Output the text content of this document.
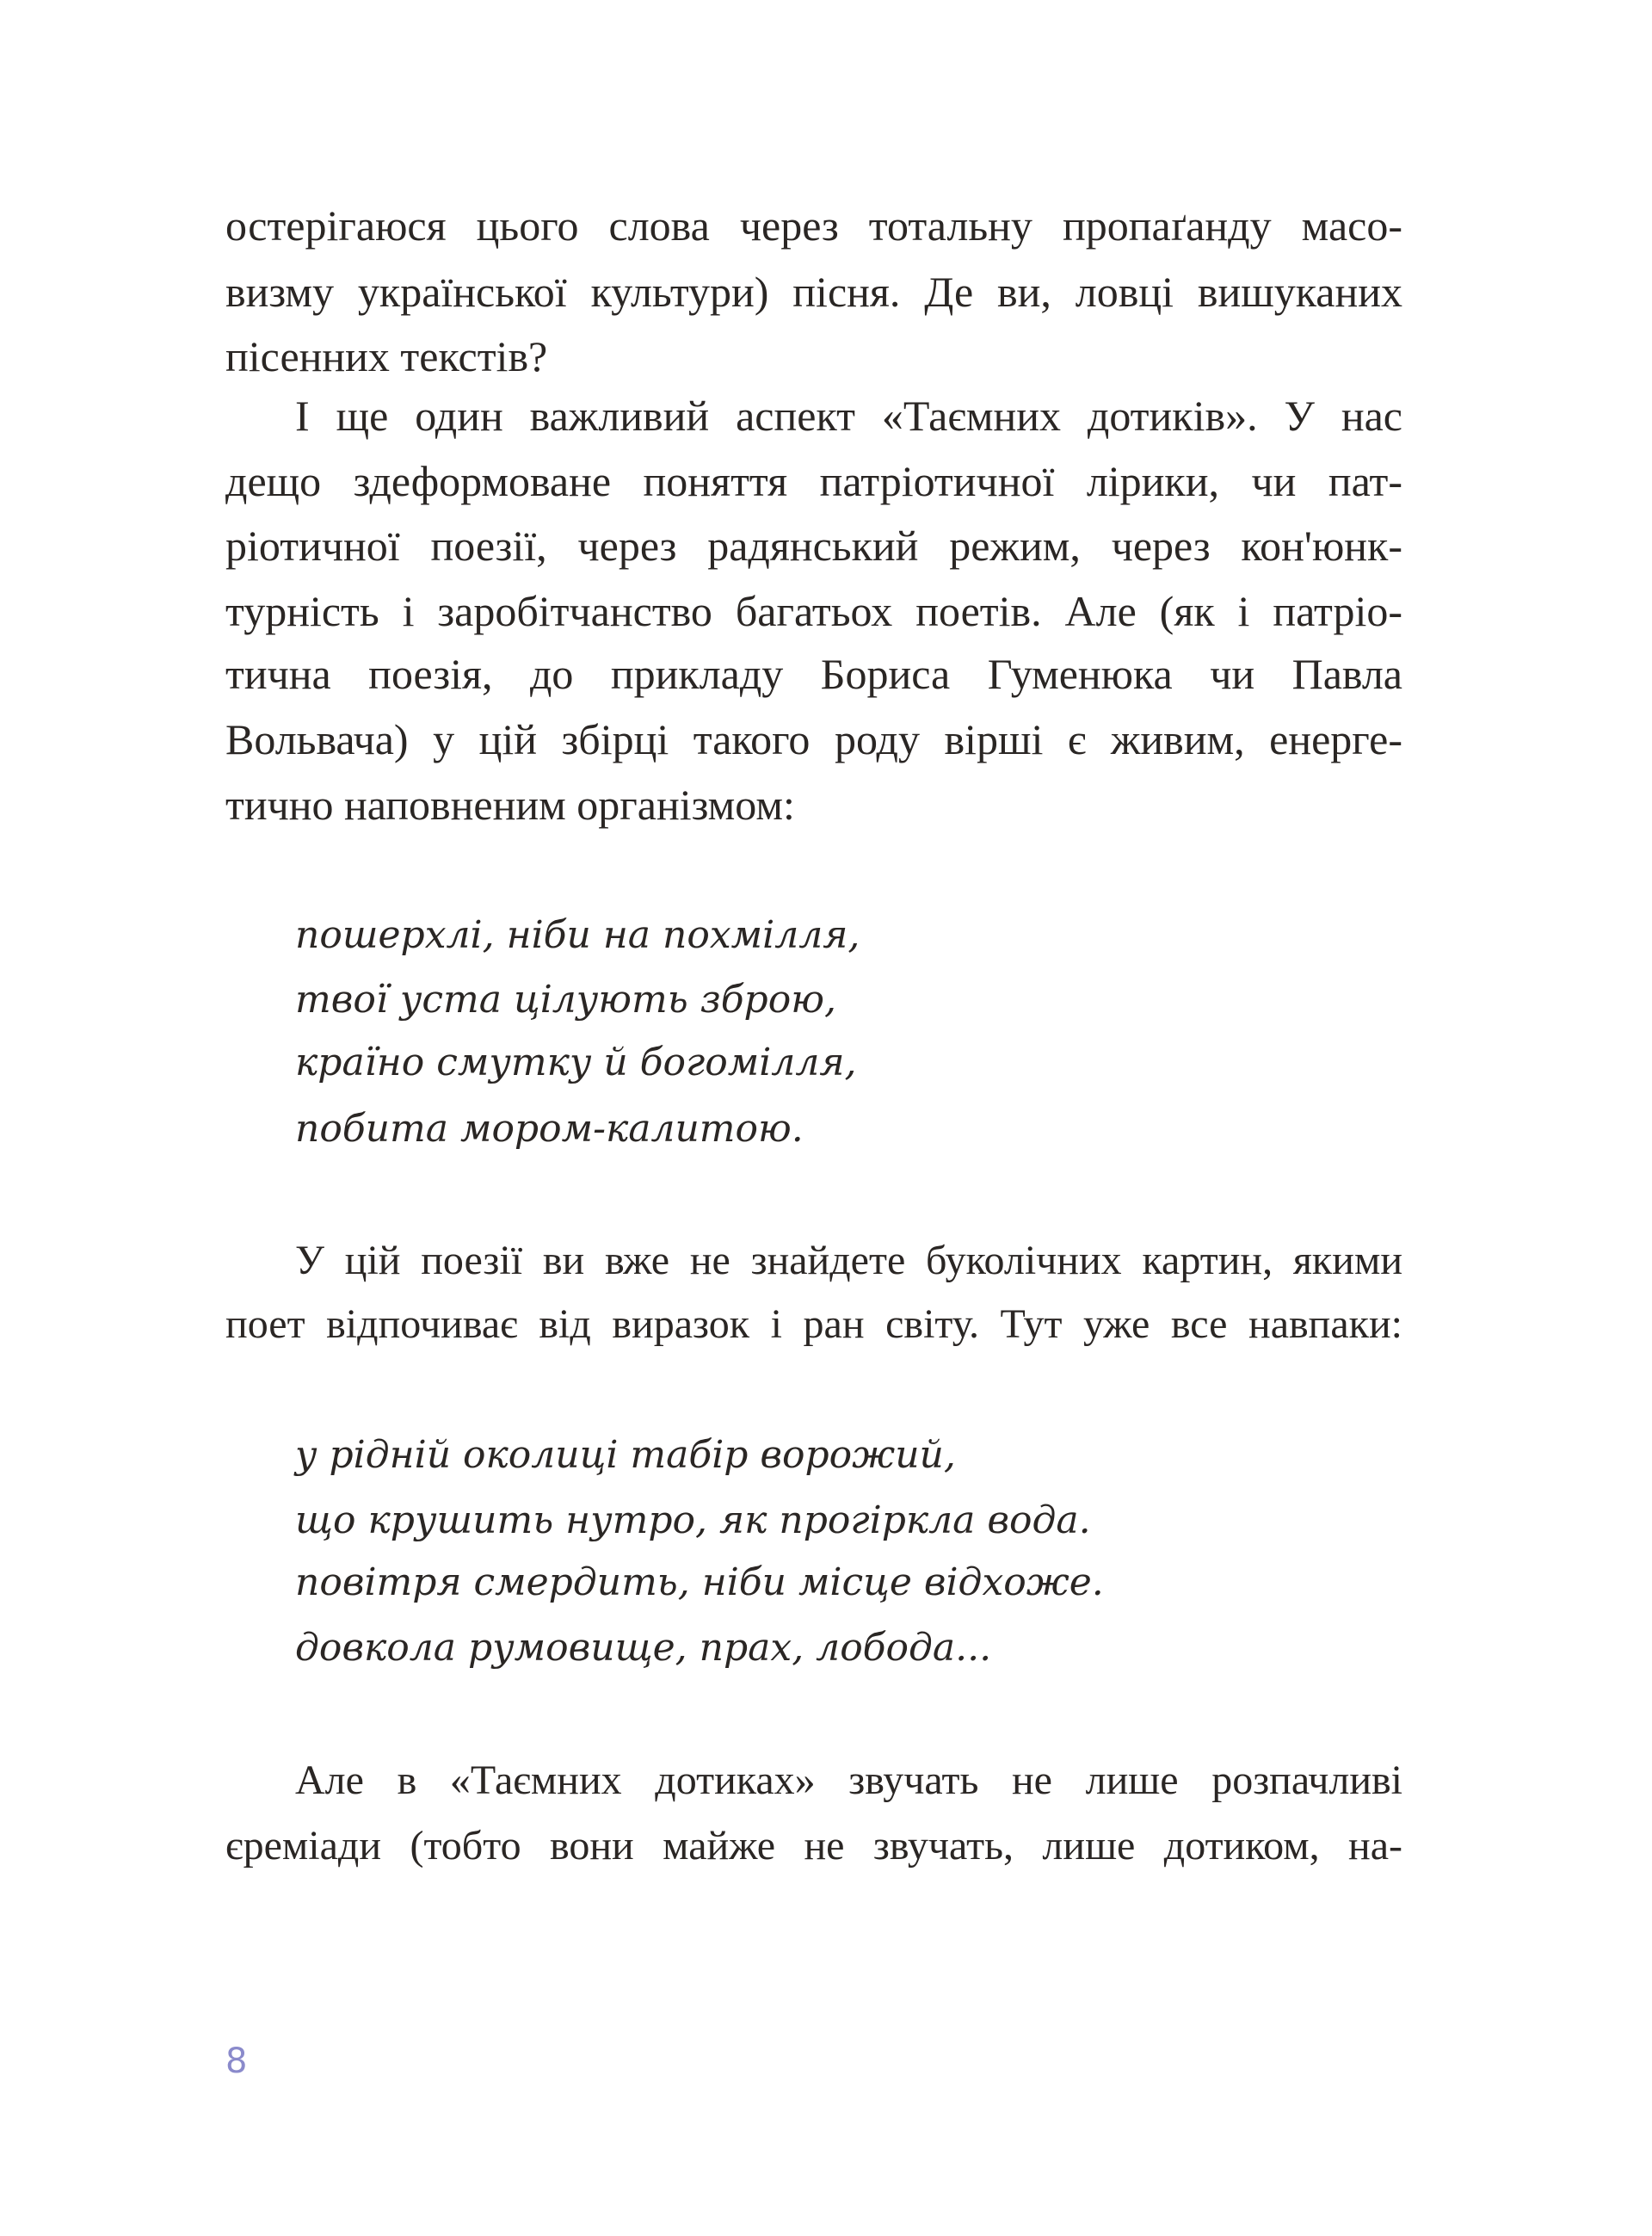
остерігаюся цього слова через тотальну пропаґанду масо-
визму української культури) пісня. Де ви, ловці вишуканих
пісенних текстів?
І ще один важливий аспект «Таємних дотиків». У нас
дещо здеформоване поняття патріотичної лірики, чи пат-
ріотичної поезії, через радянський режим, через кон'юнк-
турність і заробітчанство багатьох поетів. Але (як і патріо-
тична поезія, до прикладу Бориса Гуменюка чи Павла
Вольвача) у цій збірці такого роду вірші є живим, енерге-
тично наповненим організмом:
пошерхлі, ніби на похмілля,
твої уста цілують зброю,
країно смутку й богомілля,
побита мором-калитою.
У цій поезії ви вже не знайдете буколічних картин, якими
поет відпочиває від виразок і ран світу. Тут уже все навпаки:
у рідній околиці табір ворожий,
що крушить нутро, як прогіркла вода.
повітря смердить, ніби місце відхоже.
довкола румовище, прах, лобода...
Але в «Таємних дотиках» звучать не лише розпачливі
єреміади (тобто вони майже не звучать, лише дотиком, на-
8
